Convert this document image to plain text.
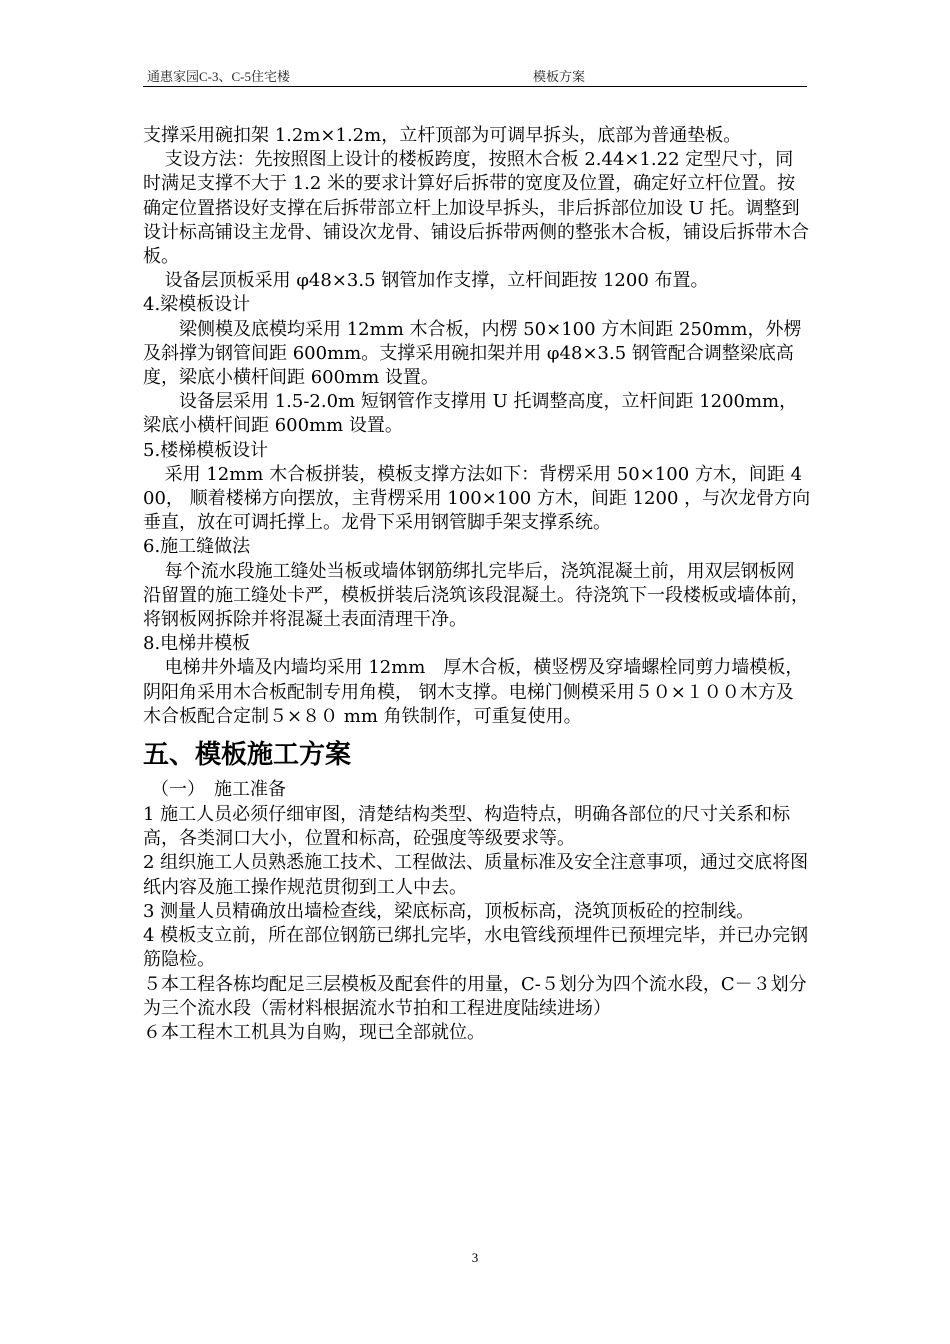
通惠家园C-3、C-5住宅楼	模板方案

支撑采用碗扣架 1.2m×1.2m，立杆顶部为可调早拆头，底部为普通垫板。

支设方法：先按照图上设计的楼板跨度，按照木合板 2.44×1.22 定型尺寸，同时满足支撑不大于 1.2 米的要求计算好后拆带的宽度及位置，确定好立杆位置。按确定位置搭设好支撑在后拆带部立杆上加设早拆头，非后拆部位加设 U 托。调整到设计标高铺设主龙骨、铺设次龙骨、铺设后拆带两侧的整张木合板，铺设后拆带木合板。

设备层顶板采用 φ48×3.5 钢管加作支撑，立杆间距按 1200 布置。

4.梁模板设计

梁侧模及底模均采用 12mm 木合板，内楞 50×100 方木间距 250mm，外楞及斜撑为钢管间距 600mm。支撑采用碗扣架并用 φ48×3.5 钢管配合调整梁底高度，梁底小横杆间距 600mm 设置。

设备层采用 1.5-2.0m 短钢管作支撑用 U 托调整高度，立杆间距 1200mm，梁底小横杆间距 600mm 设置。

5.楼梯模板设计

采用 12mm 木合板拼装，模板支撑方法如下：背楞采用 50×100 方木，间距 400， 顺着楼梯方向摆放，主背楞采用 100×100 方木，间距 1200 ，与次龙骨方向垂直，放在可调托撑上。龙骨下采用钢管脚手架支撑系统。

6.施工缝做法

每个流水段施工缝处当板或墙体钢筋绑扎完毕后，浇筑混凝土前，用双层钢板网沿留置的施工缝处卡严，模板拼装后浇筑该段混凝土。待浇筑下一段楼板或墙体前，将钢板网拆除并将混凝土表面清理干净。

8.电梯井模板

电梯井外墙及内墙均采用 12mm　厚木合板，横竖楞及穿墙螺栓同剪力墙模板，阴阳角采用木合板配制专用角模， 钢木支撑。电梯门侧模采用５０×１００木方及木合板配合定制５×８０ mm 角铁制作，可重复使用。

五、模板施工方案
（一）　施工准备

1 施工人员必须仔细审图，清楚结构类型、构造特点，明确各部位的尺寸关系和标高，各类洞口大小，位置和标高，砼强度等级要求等。

2 组织施工人员熟悉施工技术、工程做法、质量标准及安全注意事项，通过交底将图纸内容及施工操作规范贯彻到工人中去。

3 测量人员精确放出墙检查线，梁底标高，顶板标高，浇筑顶板砼的控制线。

4 模板支立前，所在部位钢筋已绑扎完毕，水电管线预埋件已预埋完毕，并已办完钢筋隐检。

５本工程各栋均配足三层模板及配套件的用量，C-５划分为四个流水段，C－３划分为三个流水段（需材料根据流水节拍和工程进度陆续进场）

６本工程木工机具为自购，现已全部就位。

3
